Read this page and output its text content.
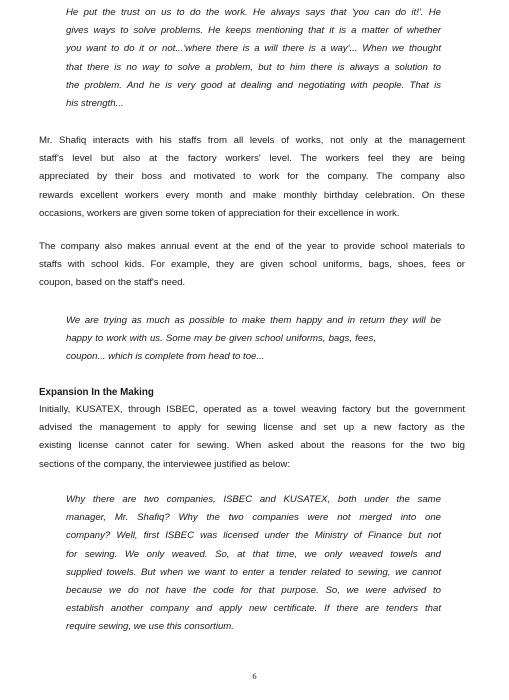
He put the trust on us to do the work. He always says that 'you can do it!'. He
gives ways to solve problems. He keeps mentioning that it is a matter of whether
you want to do it or not...'where there is a will there is a way'... When we thought
that there is no way to solve a problem, but to him there is always a solution to
the problem. And he is very good at dealing and negotiating with people. That is
his strength...
Mr. Shafiq interacts with his staffs from all levels of works, not only at the management
staff's level but also at the factory workers' level. The workers feel they are being
appreciated by their boss and motivated to work for the company. The company also
rewards excellent workers every month and make monthly birthday celebration. On these
occasions, workers are given some token of appreciation for their excellence in work.
The company also makes annual event at the end of the year to provide school materials to
staffs with school kids. For example, they are given school uniforms, bags, shoes, fees or
coupon, based on the staff's need.
We are trying as much as possible to make them happy and in return they will be
happy to work with us. Some may be given school uniforms, bags, fees,
coupon... which is complete from head to toe...
Expansion In the Making
Initially, KUSATEX, through ISBEC, operated as a towel weaving factory but the government
advised the management to apply for sewing license and set up a new factory as the
existing license cannot cater for sewing. When asked about the reasons for the two big
sections of the company, the interviewee justified as below:
Why there are two companies, ISBEC and KUSATEX, both under the same
manager, Mr. Shafiq? Why the two companies were not merged into one
company? Well, first ISBEC was licensed under the Ministry of Finance but not
for sewing. We only weaved. So, at that time, we only weaved towels and
supplied towels. But when we want to enter a tender related to sewing, we cannot
because we do not have the code for that purpose. So, we were advised to
establish another company and apply new certificate. If there are tenders that
require sewing, we use this consortium.
6
